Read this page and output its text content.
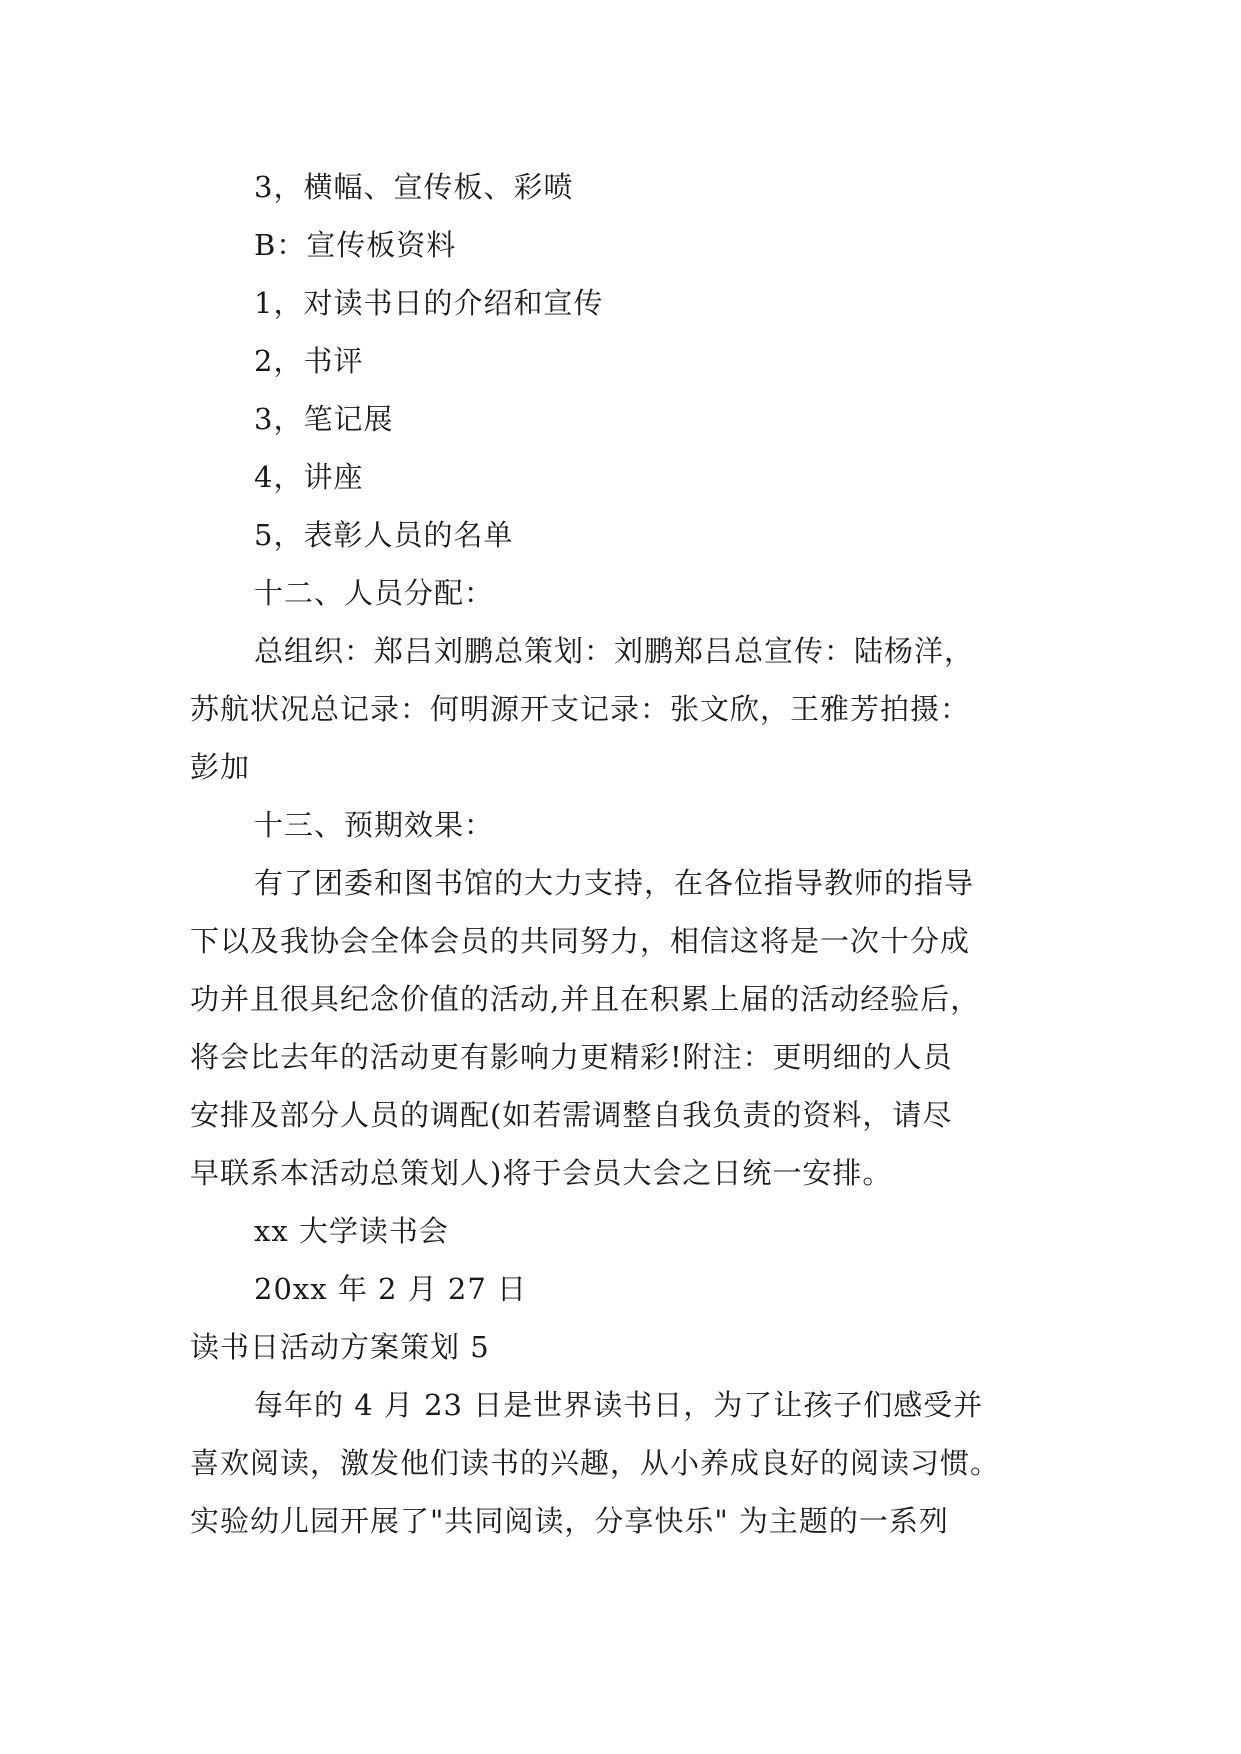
3，横幅、宣传板、彩喷
B：宣传板资料
1，对读书日的介绍和宣传
2，书评
3，笔记展
4，讲座
5，表彰人员的名单
十二、人员分配：
总组织：郑吕刘鹏总策划：刘鹏郑吕总宣传：陆杨洋，
苏航状况总记录：何明源开支记录：张文欣，王雅芳拍摄：
彭加
十三、预期效果：
有了团委和图书馆的大力支持，在各位指导教师的指导
下以及我协会全体会员的共同努力，相信这将是一次十分成
功并且很具纪念价值的活动,并且在积累上届的活动经验后，
将会比去年的活动更有影响力更精彩!附注：更明细的人员
安排及部分人员的调配(如若需调整自我负责的资料，请尽
早联系本活动总策划人)将于会员大会之日统一安排。
xx 大学读书会
20xx 年 2 月 27 日
读书日活动方案策划 5
每年的 4 月 23 日是世界读书日，为了让孩子们感受并
喜欢阅读，激发他们读书的兴趣，从小养成良好的阅读习惯。
实验幼儿园开展了"共同阅读，分享快乐" 为主题的一系列
